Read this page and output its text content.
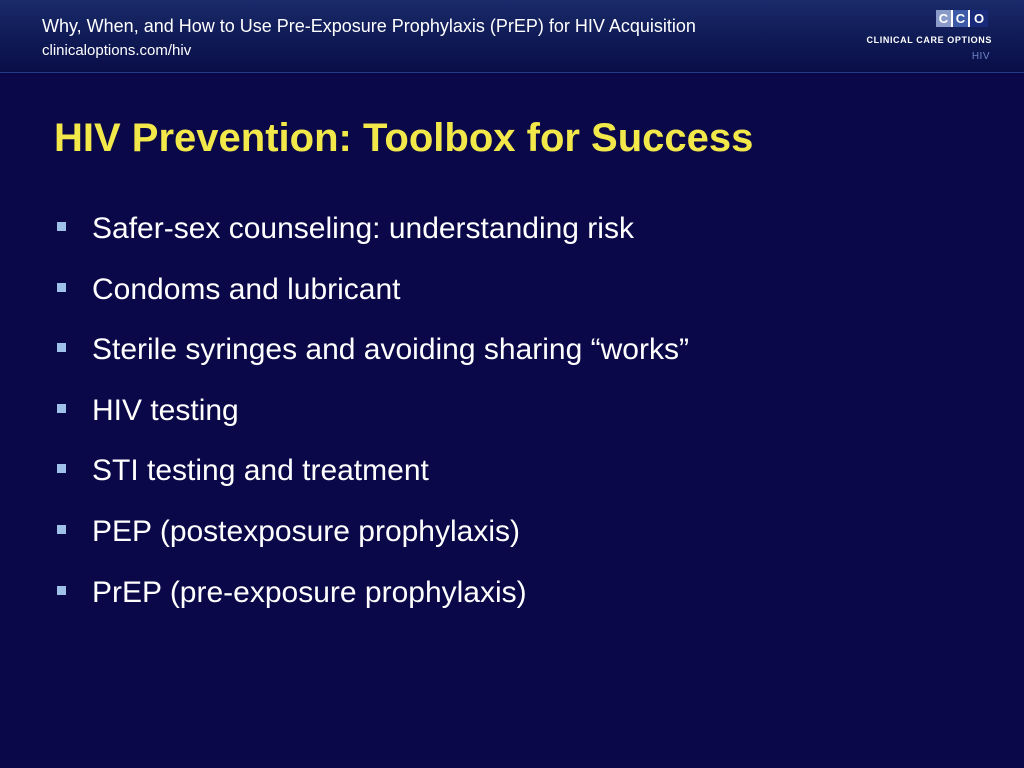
Why, When, and How to Use Pre-Exposure Prophylaxis (PrEP) for HIV Acquisition
clinicaloptions.com/hiv
C O
C
CLINICAL CARE OPTIONS
HIV
HIV Prevention: Toolbox for Success
Safer-sex counseling: understanding risk
Condoms and lubricant
Sterile syringes and avoiding sharing “works”
HIV testing
STI testing and treatment
PEP (postexposure prophylaxis)
PrEP (pre-exposure prophylaxis)
